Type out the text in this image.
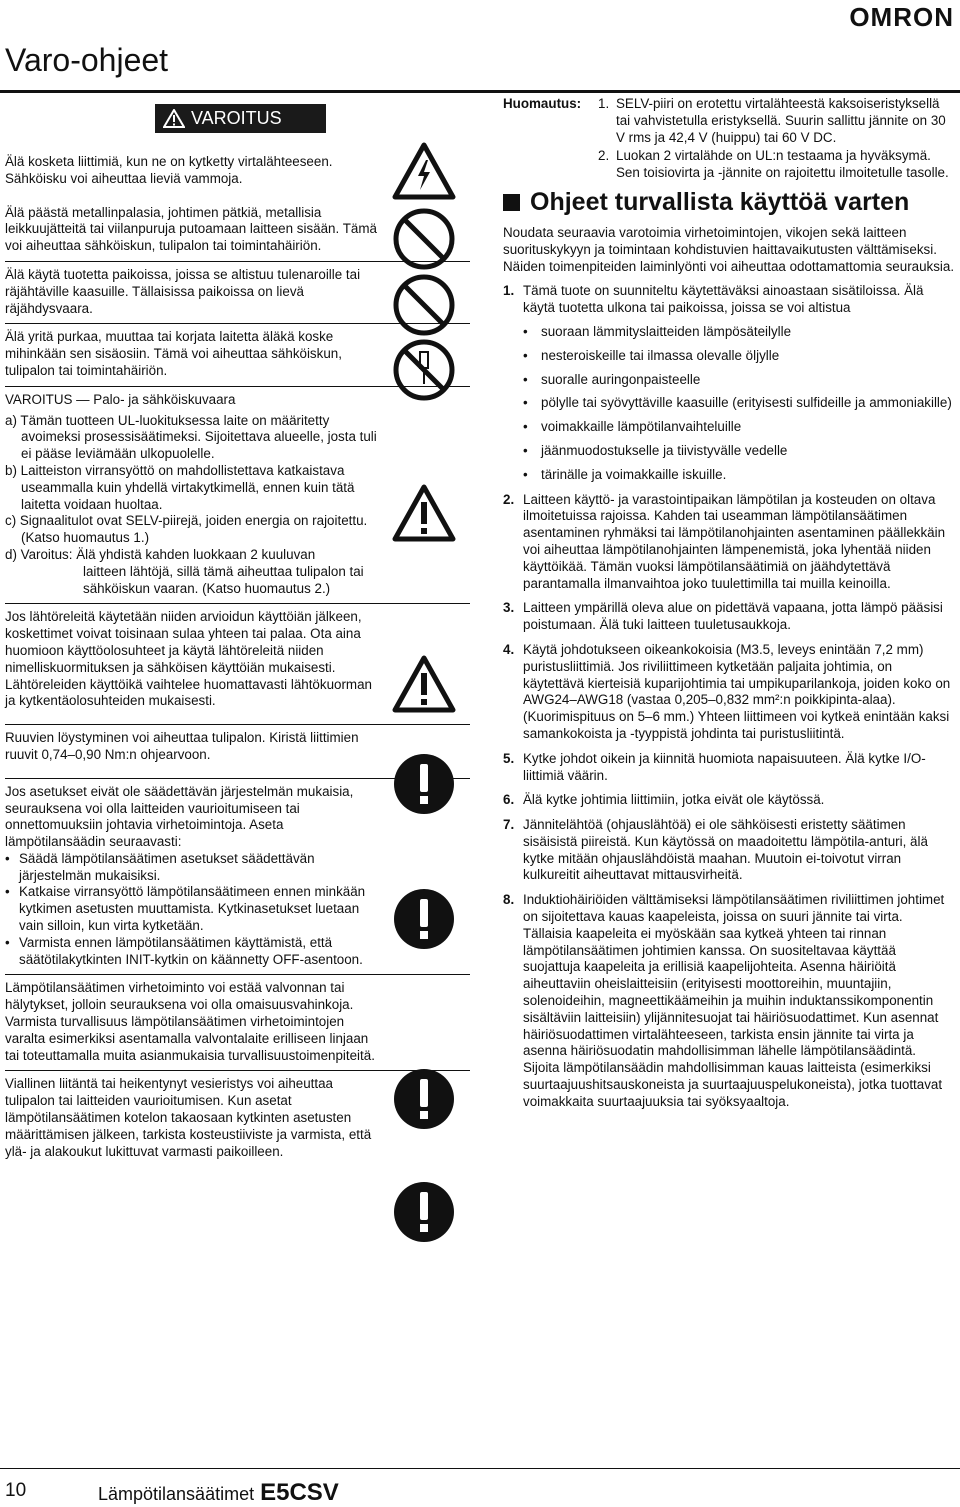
OMRON
Varo-ohjeet
VAROITUS

Älä kosketa liittimiä, kun ne on kytketty virtalähteeseen. Sähköisku voi aiheuttaa lieviä vammoja.

Älä päästä metallinpalasia, johtimen pätkiä, metallisia leikkuujätteitä tai viilanpuruja putoamaan laitteen sisään. Tämä voi aiheuttaa sähköiskun, tulipalon tai toimintahäiriön.

Älä käytä tuotetta paikoissa, joissa se altistuu tulenaroille tai räjähtäville kaasuille. Tällaisissa paikoissa on lievä räjähdysvaara.

Älä yritä purkaa, muuttaa tai korjata laitetta äläkä koske mihinkään sen sisäosiin. Tämä voi aiheuttaa sähköiskun, tulipalon tai toimintahäiriön.

VAROITUS — Palo- ja sähköiskuvaara

a) Tämän tuotteen UL-luokituksessa laite on määritetty avoimeksi prosessisäätimeksi. Sijoitettava alueelle, josta tuli ei pääse leviämään ulkopuolelle.

b) Laitteiston virransyöttö on mahdollistettava katkaistava useammalla kuin yhdellä virtakytkimellä, ennen kuin tätä laitetta voidaan huoltaa.

c) Signaalitulot ovat SELV-piirejä, joiden energia on rajoitettu. (Katso huomautus 1.)

d) Varoitus: Älä yhdistä kahden luokkaan 2 kuuluvan

laitteen lähtöjä, sillä tämä aiheuttaa tulipalon tai sähköiskun vaaran. (Katso huomautus 2.)

Jos lähtöreleitä käytetään niiden arvioidun käyttöiän jälkeen, koskettimet voivat toisinaan sulaa yhteen tai palaa. Ota aina huomioon käyttöolosuhteet ja käytä lähtöreleitä niiden nimelliskuormituksen ja sähköisen käyttöiän mukaisesti. Lähtöreleiden käyttöikä vaihtelee huomattavasti lähtökuorman ja kytkentäolosuhteiden mukaisesti.

Ruuvien löystyminen voi aiheuttaa tulipalon. Kiristä liittimien ruuvit 0,74–0,90 Nm:n ohjearvoon.

Jos asetukset eivät ole säädettävän järjestelmän mukaisia, seurauksena voi olla laitteiden vaurioitumiseen tai onnettomuuksiin johtavia virhetoimintoja. Aseta lämpötilansäädin seuraavasti:

• Säädä lämpötilansäätimen asetukset säädettävän järjestelmän mukaisiksi.

• Katkaise virransyöttö lämpötilansäätimeen ennen minkään kytkimen asetusten muuttamista. Kytkinasetukset luetaan vain silloin, kun virta kytketään.

• Varmista ennen lämpötilansäätimen käyttämistä, että säätötilakytkinten INIT-kytkin on käännetty OFF-asentoon.

Lämpötilansäätimen virhetoiminto voi estää valvonnan tai hälytykset, jolloin seurauksena voi olla omaisuusvahinkoja. Varmista turvallisuus lämpötilansäätimen virhetoimintojen varalta esimerkiksi asentamalla valvontalaite erilliseen linjaan tai toteuttamalla muita asianmukaisia turvallisuustoimenpiteitä.

Viallinen liitäntä tai heikentynyt vesieristys voi aiheuttaa tulipalon tai laitteiden vaurioitumisen. Kun asetat lämpötilansäätimen kotelon takaosaan kytkinten asetusten määrittämisen jälkeen, tarkista kosteustiiviste ja varmista, että ylä- ja alakoukut lukittuvat varmasti paikoilleen.

Huomautus:	1. SELV-piiri on erotettu virtalähteestä kaksoiseristyksellä tai vahvistetulla eristyksellä. Suurin sallittu jännite on 30 V rms ja 42,4 V (huippu) tai 60 V DC.
2. Luokan 2 virtalähde on UL:n testaama ja hyväksymä. Sen toisiovirta ja -jännite on rajoitettu ilmoitetulle tasolle.
Ohjeet turvallista käyttöä varten
Noudata seuraavia varotoimia virhetoimintojen, vikojen sekä laitteen suorituskykyyn ja toimintaan kohdistuvien haittavaikutusten välttämiseksi. Näiden toimenpiteiden laiminlyönti voi aiheuttaa odottamattomia seurauksia.
1. Tämä tuote on suunniteltu käytettäväksi ainoastaan sisätiloissa. Älä käytä tuotetta ulkona tai paikoissa, joissa se voi altistua
• suoraan lämmityslaitteiden lämpösäteilylle
• nesteroiskeille tai ilmassa olevalle öljylle
• suoralle auringonpaisteelle
• pölylle tai syövyttäville kaasuille (erityisesti sulfideille ja ammoniakille)
• voimakkaille lämpötilanvaihteluille
• jäänmuodostukselle ja tiivistyvälle vedelle
• tärinälle ja voimakkaille iskuille.
2. Laitteen käyttö- ja varastointipaikan lämpötilan ja kosteuden on oltava ilmoitetuissa rajoissa. Kahden tai useamman lämpötilansäätimen asentaminen ryhmäksi tai lämpötilanohjainten asentaminen päällekkäin voi aiheuttaa lämpötilanohjainten lämpenemistä, joka lyhentää niiden käyttöikää. Tämän vuoksi lämpötilansäätimiä on jäähdytettävä parantamalla ilmanvaihtoa joko tuulettimilla tai muilla keinoilla.
3. Laitteen ympärillä oleva alue on pidettävä vapaana, jotta lämpö pääsisi poistumaan. Älä tuki laitteen tuuletusaukkoja.
4. Käytä johdotukseen oikeankokoisia (M3.5, leveys enintään 7,2 mm) puristusliittimiä. Jos riviliittimeen kytketään paljaita johtimia, on käytettävä kierteisiä kuparijohtimia tai umpikuparilankoja, joiden koko on AWG24–AWG18 (vastaa 0,205–0,832 mm²:n poikkipinta-alaa). (Kuorimispituus on 5–6 mm.) Yhteen liittimeen voi kytkeä enintään kaksi samankokoista ja -tyyppistä johdinta tai puristusliitintä.
5. Kytke johdot oikein ja kiinnitä huomiota napaisuuteen. Älä kytke I/O-liittimiä väärin.
6. Älä kytke johtimia liittimiin, jotka eivät ole käytössä.
7. Jännitelähtöä (ohjauslähtöä) ei ole sähköisesti eristetty säätimen sisäisistä piireistä. Kun käytössä on maadoitettu lämpötila-anturi, älä kytke mitään ohjauslähdöistä maahan. Muutoin ei-toivotut virran kulkureitit aiheuttavat mittausvirheitä.
8. Induktiohäiriöiden välttämiseksi lämpötilansäätimen riviliittimen johtimet on sijoitettava kauas kaapeleista, joissa on suuri jännite tai virta. Tällaisia kaapeleita ei myöskään saa kytkeä yhteen tai rinnan lämpötilansäätimen johtimien kanssa. On suositeltavaa käyttää suojattuja kaapeleita ja erillisiä kaapelijohteita. Asenna häiriöitä aiheuttaviin oheislaitteisiin (erityisesti moottoreihin, muuntajiin, solenoideihin, magneettikäämeihin ja muihin induktanssikomponentin sisältäviin laitteisiin) ylijännitesuojat tai häiriösuodattimet. Kun asennat häiriösuodattimen virtalähteeseen, tarkista ensin jännite tai virta ja asenna häiriösuodatin mahdollisimman lähelle lämpötilansäädintä. Sijoita lämpötilansäädin mahdollisimman kauas laitteista (esimerkiksi suurtaajuushitsauskoneista ja suurtaajuuspelukoneista), jotka tuottavat voimakkaita suurtaajuuksia tai syöksyaaltoja.
10	Lämpötilansäätimet E5CSV
